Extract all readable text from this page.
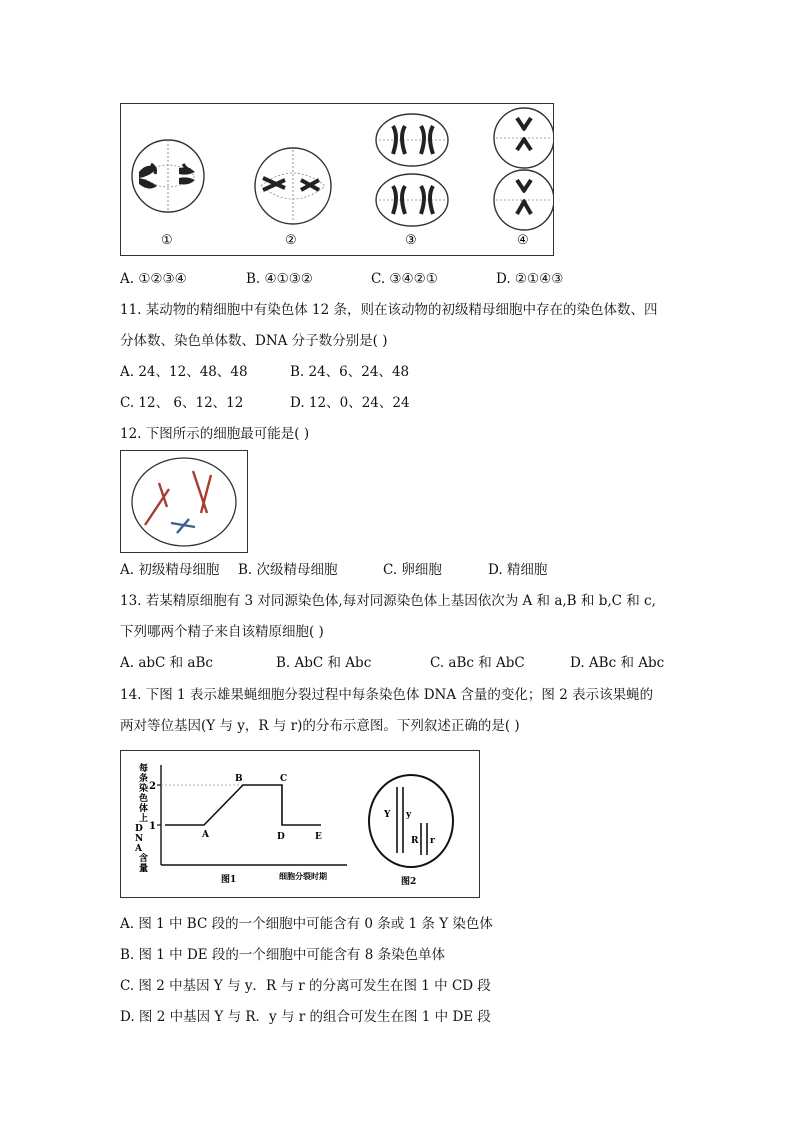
①	②	③	④
A. ①②③④	B. ④①③②	C. ③④②①	D. ②①④③
11. 某动物的精细胞中有染色体 12 条，则在该动物的初级精母细胞中存在的染色体数、四
分体数、染色单体数、DNA 分子数分别是( )
A. 24、12、48、48	B. 24、6、24、48
C. 12、 6、12、12	D. 12、0、24、24
12. 下图所示的细胞最可能是( )
A. 初级精母细胞 B. 次级精母细胞	C. 卵细胞	D. 精细胞
13. 若某精原细胞有 3 对同源染色体,每对同源染色体上基因依次为 A 和 a,B 和 b,C 和 c,
下列哪两个精子来自该精原细胞( )
A. abC 和 aBc	B. AbC 和 Abc	C. aBc 和 AbC	D. ABc 和 Abc
14. 下图 1 表示雄果蝇细胞分裂过程中每条染色体 DNA 含量的变化；图 2 表示该果蝇的
两对等位基因(Y 与 y，R 与 r)的分布示意图。下列叙述正确的是( )
每条染色体上 D N A 含量
1
2
A
B	C
D	E
图1	细胞分裂时期
Y y
R r
图2
A. 图 1 中 BC 段的一个细胞中可能含有 0 条或 1 条 Y 染色体
B. 图 1 中 DE 段的一个细胞中可能含有 8 条染色单体
C. 图 2 中基因 Y 与 y．R 与 r 的分离可发生在图 1 中 CD 段
D. 图 2 中基因 Y 与 R．y 与 r 的组合可发生在图 1 中 DE 段
